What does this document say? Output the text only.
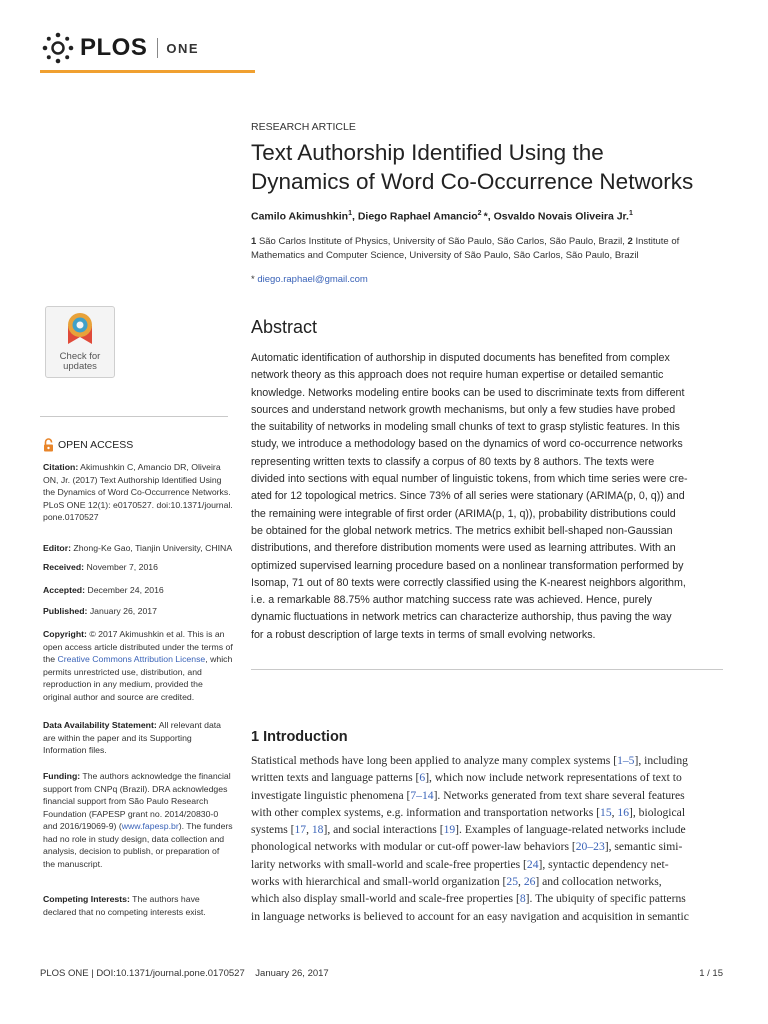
PLOS ONE
RESEARCH ARTICLE
Text Authorship Identified Using the
Dynamics of Word Co-Occurrence Networks
Camilo Akimushkin$^1$, Diego Raphael Amancio$^2$ *, Osvaldo Novais Oliveira Jr.$^1$
1 São Carlos Institute of Physics, University of São Paulo, São Carlos, São Paulo, Brazil, 2 Institute of Mathematics and Computer Science, University of São Paulo, São Carlos, São Paulo, Brazil
* diego.raphael@gmail.com
Check for
updates
Abstract
Automatic identification of authorship in disputed documents has benefited from complex
network theory as this approach does not require human expertise or detailed semantic
knowledge. Networks modeling entire books can be used to discriminate texts from different
sources and understand network growth mechanisms, but only a few studies have probed
the suitability of networks in modeling small chunks of text to grasp stylistic features. In this
study, we introduce a methodology based on the dynamics of word co-occurrence networks
representing written texts to classify a corpus of 80 texts by 8 authors. The texts were
divided into sections with equal number of linguistic tokens, from which time series were cre-
ated for 12 topological metrics. Since 73% of all series were stationary (ARIMA(p, 0, q)) and
the remaining were integrable of first order (ARIMA(p, 1, q)), probability distributions could
be obtained for the global network metrics. The metrics exhibit bell-shaped non-Gaussian
distributions, and therefore distribution moments were used as learning attributes. With an
optimized supervised learning procedure based on a nonlinear transformation performed by
Isomap, 71 out of 80 texts were correctly classified using the K-nearest neighbors algorithm,
i.e. a remarkable 88.75% author matching success rate was achieved. Hence, purely
dynamic fluctuations in network metrics can characterize authorship, thus paving the way
for a robust description of large texts in terms of small evolving networks.
1 Introduction
Statistical methods have long been applied to analyze many complex systems [1–5], including
written texts and language patterns [6], which now include network representations of text to
investigate linguistic phenomena [7–14]. Networks generated from text share several features
with other complex systems, e.g. information and transportation networks [15, 16], biological
systems [17, 18], and social interactions [19]. Examples of language-related networks include
phonological networks with modular or cut-off power-law behaviors [20–23], semantic simi-
larity networks with small-world and scale-free properties [24], syntactic dependency net-
works with hierarchical and small-world organization [25, 26] and collocation networks,
which also display small-world and scale-free properties [8]. The ubiquity of specific patterns
in language networks is believed to account for an easy navigation and acquisition in semantic
OPEN ACCESS
Citation: Akimushkin C, Amancio DR, Oliveira ON, Jr. (2017) Text Authorship Identified Using the Dynamics of Word Co-Occurrence Networks. PLoS ONE 12(1): e0170527. doi:10.1371/journal. pone.0170527
Editor: Zhong-Ke Gao, Tianjin University, CHINA
Received: November 7, 2016
Accepted: December 24, 2016
Published: January 26, 2017
Copyright: © 2017 Akimushkin et al. This is an open access article distributed under the terms of the Creative Commons Attribution License, which permits unrestricted use, distribution, and reproduction in any medium, provided the original author and source are credited.
Data Availability Statement: All relevant data are within the paper and its Supporting Information files.
Funding: The authors acknowledge the financial support from CNPq (Brazil). DRA acknowledges financial support from São Paulo Research Foundation (FAPESP grant no. 2014/20830-0 and 2016/19069-9) (www.fapesp.br). The funders had no role in study design, data collection and analysis, decision to publish, or preparation of the manuscript.
Competing Interests: The authors have declared that no competing interests exist.
PLOS ONE | DOI:10.1371/journal.pone.0170527    January 26, 2017	1 / 15
